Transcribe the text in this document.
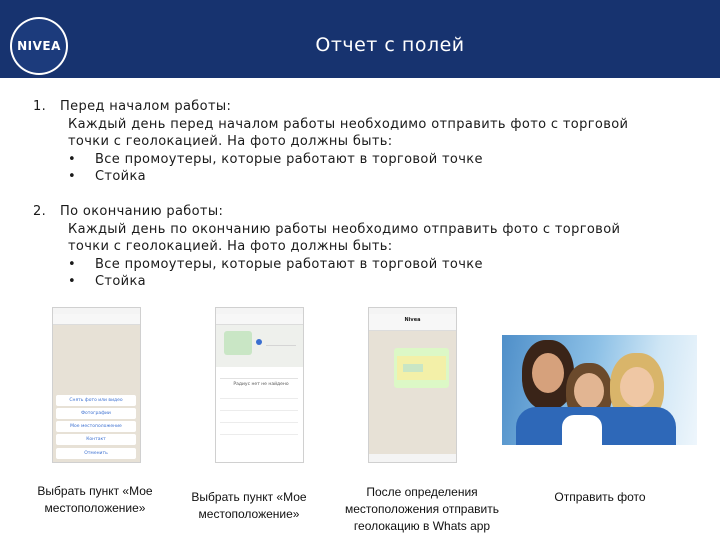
NIVEA	Отчет с полей
1.	Перед началом работы:
Каждый день перед началом работы необходимо отправить фото с торговой
точки с геолокацией. На фото должны быть:
•	Все промоутеры, которые работают в торговой точке
•	Стойка
2.	По окончанию работы:
Каждый день по окончанию работы необходимо отправить фото с торговой
точки с геолокацией. На фото должны быть:
•	Все промоутеры, которые работают в торговой точке
•	Стойка
Снять фото или видео
Фотографии
Мое местоположение
Контакт
Отменить
Радиус нет не найдено
Nivea
Выбрать пункт «Мое
местоположение»
Выбрать пункт «Мое
местоположение»
После определения
местоположения отправить
геолокацию в Whats app
Отправить фото
